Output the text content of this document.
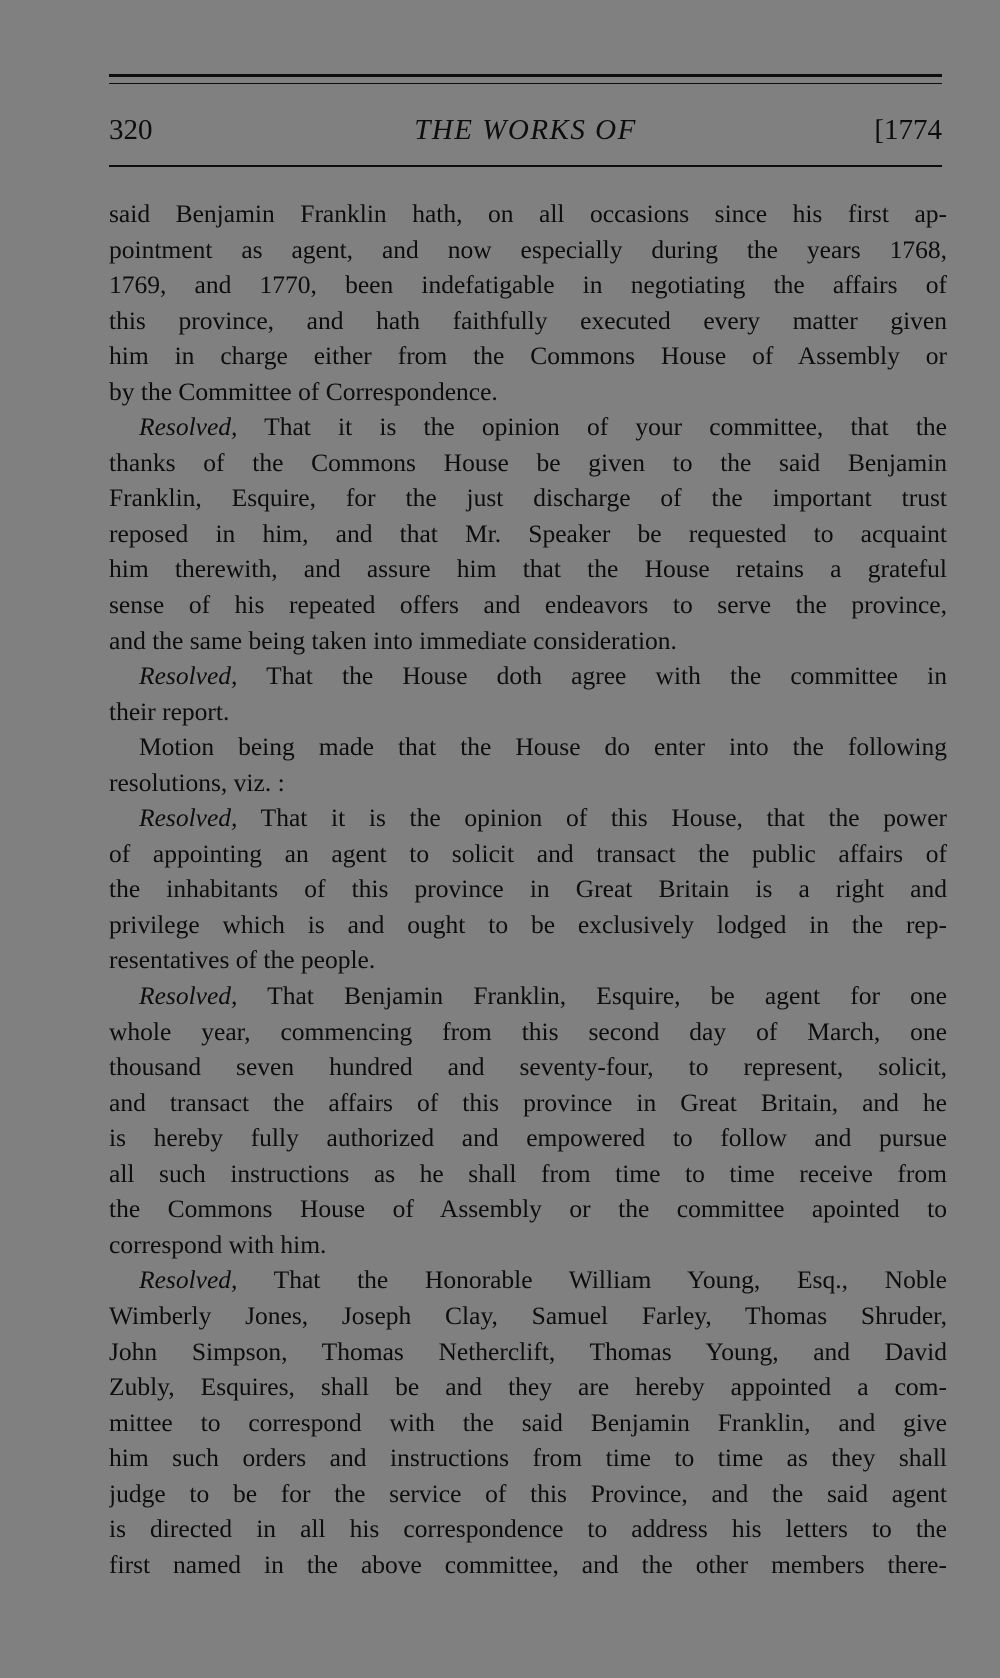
320	THE WORKS OF	[1774
said Benjamin Franklin hath, on all occasions since his first ap-
pointment as agent, and now especially during the years 1768,
1769, and 1770, been indefatigable in negotiating the affairs of
this province, and hath faithfully executed every matter given
him in charge either from the Commons House of Assembly or
by the Committee of Correspondence.
Resolved, That it is the opinion of your committee, that the
thanks of the Commons House be given to the said Benjamin
Franklin, Esquire, for the just discharge of the important trust
reposed in him, and that Mr. Speaker be requested to acquaint
him therewith, and assure him that the House retains a grateful
sense of his repeated offers and endeavors to serve the province,
and the same being taken into immediate consideration.
Resolved, That the House doth agree with the committee in
their report.
Motion being made that the House do enter into the following
resolutions, viz. :
Resolved, That it is the opinion of this House, that the power
of appointing an agent to solicit and transact the public affairs of
the inhabitants of this province in Great Britain is a right and
privilege which is and ought to be exclusively lodged in the rep-
resentatives of the people.
Resolved, That Benjamin Franklin, Esquire, be agent for one
whole year, commencing from this second day of March, one
thousand seven hundred and seventy-four, to represent, solicit,
and transact the affairs of this province in Great Britain, and he
is hereby fully authorized and empowered to follow and pursue
all such instructions as he shall from time to time receive from
the Commons House of Assembly or the committee apointed to
correspond with him.
Resolved, That the Honorable William Young, Esq., Noble
Wimberly Jones, Joseph Clay, Samuel Farley, Thomas Shruder,
John Simpson, Thomas Netherclift, Thomas Young, and David
Zubly, Esquires, shall be and they are hereby appointed a com-
mittee to correspond with the said Benjamin Franklin, and give
him such orders and instructions from time to time as they shall
judge to be for the service of this Province, and the said agent
is directed in all his correspondence to address his letters to the
first named in the above committee, and the other members there-
